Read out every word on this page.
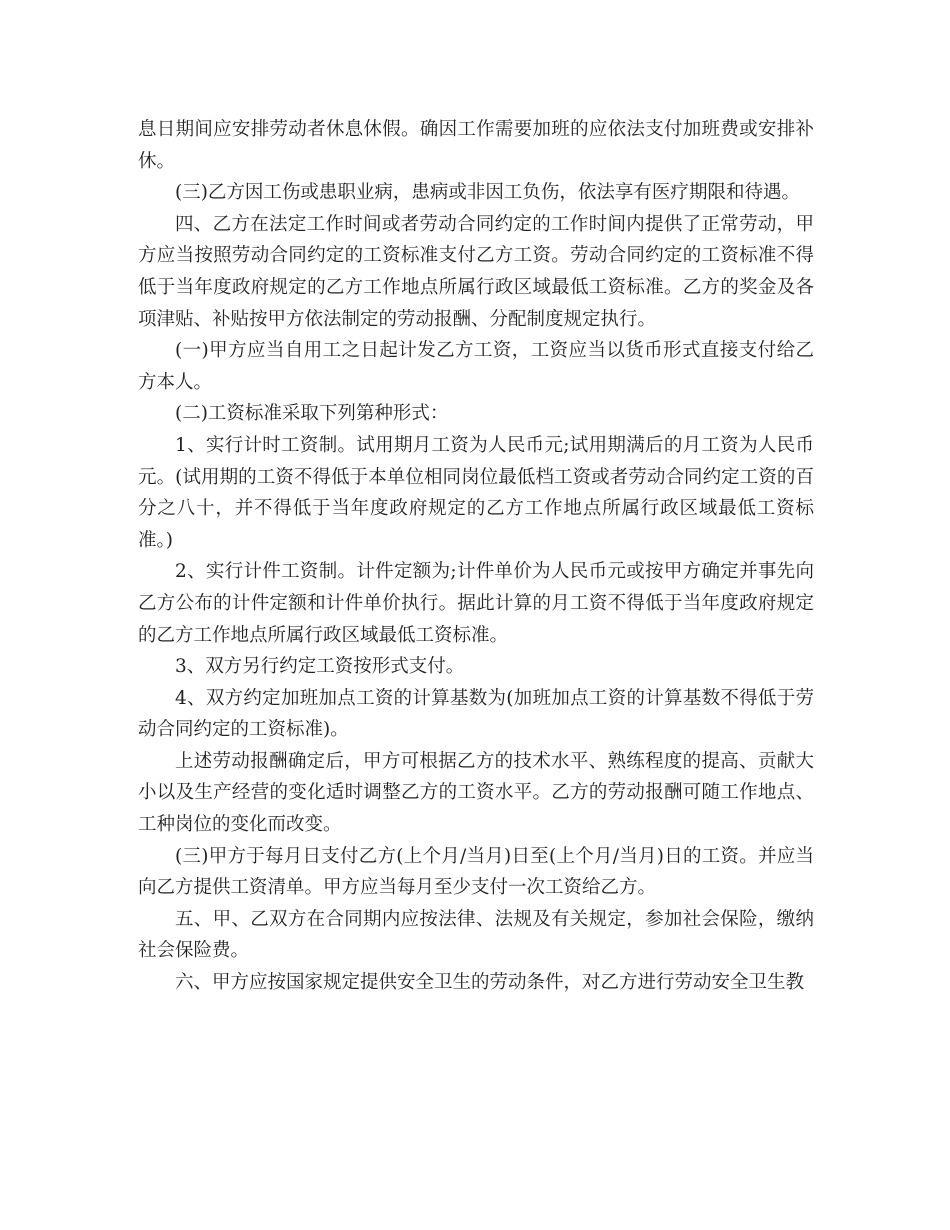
息日期间应安排劳动者休息休假。确因工作需要加班的应依法支付加班费或安排补休。

(三)乙方因工伤或患职业病，患病或非因工负伤，依法享有医疗期限和待遇。

四、乙方在法定工作时间或者劳动合同约定的工作时间内提供了正常劳动，甲方应当按照劳动合同约定的工资标准支付乙方工资。劳动合同约定的工资标准不得低于当年度政府规定的乙方工作地点所属行政区域最低工资标准。乙方的奖金及各项津贴、补贴按甲方依法制定的劳动报酬、分配制度规定执行。

(一)甲方应当自用工之日起计发乙方工资，工资应当以货币形式直接支付给乙方本人。

(二)工资标准采取下列第种形式：

1、实行计时工资制。试用期月工资为人民币元;试用期满后的月工资为人民币元。(试用期的工资不得低于本单位相同岗位最低档工资或者劳动合同约定工资的百分之八十，并不得低于当年度政府规定的乙方工作地点所属行政区域最低工资标准。)

2、实行计件工资制。计件定额为;计件单价为人民币元或按甲方确定并事先向乙方公布的计件定额和计件单价执行。据此计算的月工资不得低于当年度政府规定的乙方工作地点所属行政区域最低工资标准。

3、双方另行约定工资按形式支付。

4、双方约定加班加点工资的计算基数为(加班加点工资的计算基数不得低于劳动合同约定的工资标准)。

上述劳动报酬确定后，甲方可根据乙方的技术水平、熟练程度的提高、贡献大小以及生产经营的变化适时调整乙方的工资水平。乙方的劳动报酬可随工作地点、工种岗位的变化而改变。

(三)甲方于每月日支付乙方(上个月/当月)日至(上个月/当月)日的工资。并应当向乙方提供工资清单。甲方应当每月至少支付一次工资给乙方。

五、甲、乙双方在合同期内应按法律、法规及有关规定，参加社会保险，缴纳社会保险费。

六、甲方应按国家规定提供安全卫生的劳动条件，对乙方进行劳动安全卫生教
